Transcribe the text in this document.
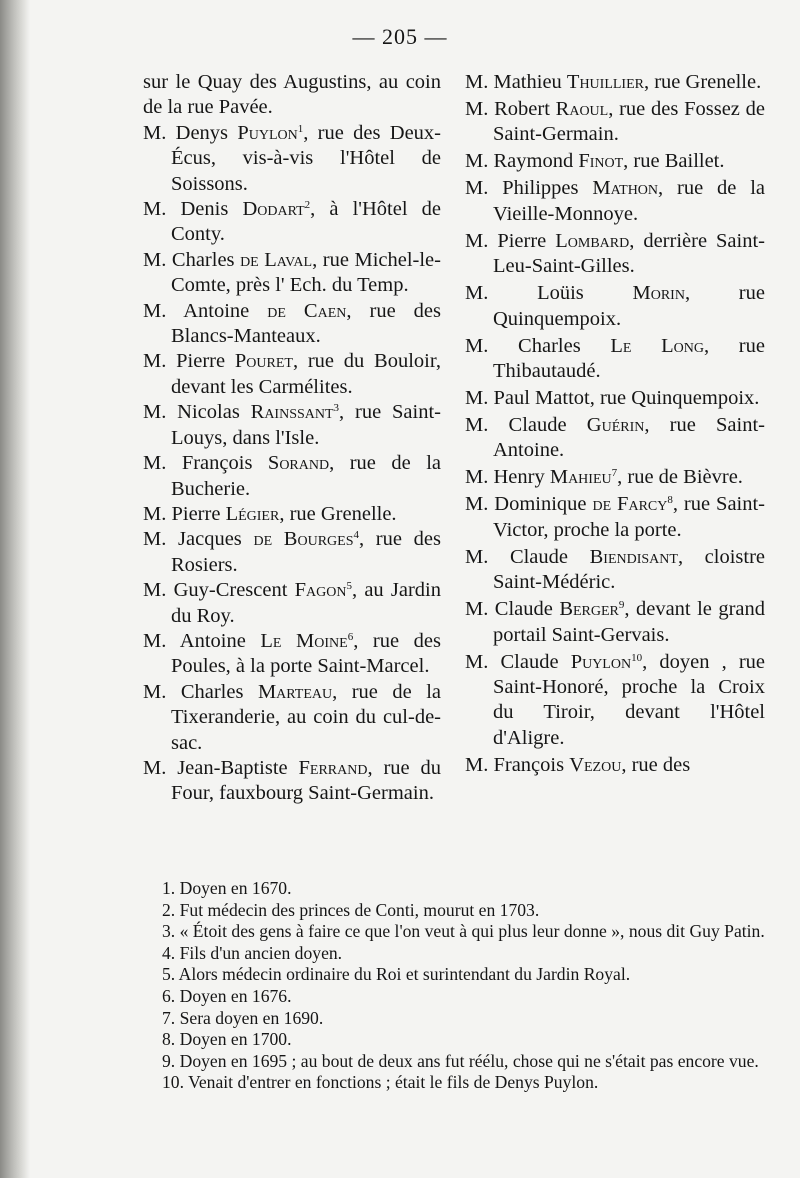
— 205 —
sur le Quay des Augustins, au coin de la rue Pavée.
M. Denys Puylon$^1$, rue des Deux-Écus, vis-à-vis l'Hôtel de Soissons.
M. Denis Dodart$^2$, à l'Hôtel de Conty.
M. Charles de Laval, rue Michel-le-Comte, près l' Ech. du Temp.
M. Antoine de Caen, rue des Blancs-Manteaux.
M. Pierre Pouret, rue du Bouloir, devant les Carmélites.
M. Nicolas Rainssant$^3$, rue Saint-Louys, dans l'Isle.
M. François Sorand, rue de la Bucherie.
M. Pierre Légier, rue Grenelle.
M. Jacques de Bourges$^4$, rue des Rosiers.
M. Guy-Crescent Fagon$^5$, au Jardin du Roy.
M. Antoine Le Moine$^6$, rue des Poules, à la porte Saint-Marcel.
M. Charles Marteau, rue de la Tixeranderie, au coin du cul-de-sac.
M. Jean-Baptiste Ferrand, rue du Four, fauxbourg Saint-Germain.
M. Mathieu Thuillier, rue Grenelle.
M. Robert Raoul, rue des Fossez de Saint-Germain.
M. Raymond Finot, rue Baillet.
M. Philippes Mathon, rue de la Vieille-Monnoye.
M. Pierre Lombard, derrière Saint-Leu-Saint-Gilles.
M. Loüis Morin, rue Quinquempoix.
M. Charles Le Long, rue Thibautaudé.
M. Paul Mattot, rue Quinquempoix.
M. Claude Guérin, rue Saint-Antoine.
M. Henry Mahieu$^7$, rue de Bièvre.
M. Dominique de Farcy$^8$, rue Saint-Victor, proche la porte.
M. Claude Biendisant, cloistre Saint-Médéric.
M. Claude Berger$^9$, devant le grand portail Saint-Gervais.
M. Claude Puylon$^{10}$, doyen , rue Saint-Honoré, proche la Croix du Tiroir, devant l'Hôtel d'Aligre.
M. François Vezou, rue des
1. Doyen en 1670.
2. Fut médecin des princes de Conti, mourut en 1703.
3. « Étoit des gens à faire ce que l'on veut à qui plus leur donne », nous dit Guy Patin.
4. Fils d'un ancien doyen.
5. Alors médecin ordinaire du Roi et surintendant du Jardin Royal.
6. Doyen en 1676.
7. Sera doyen en 1690.
8. Doyen en 1700.
9. Doyen en 1695 ; au bout de deux ans fut réélu, chose qui ne s'était pas encore vue.
10. Venait d'entrer en fonctions ; était le fils de Denys Puylon.
